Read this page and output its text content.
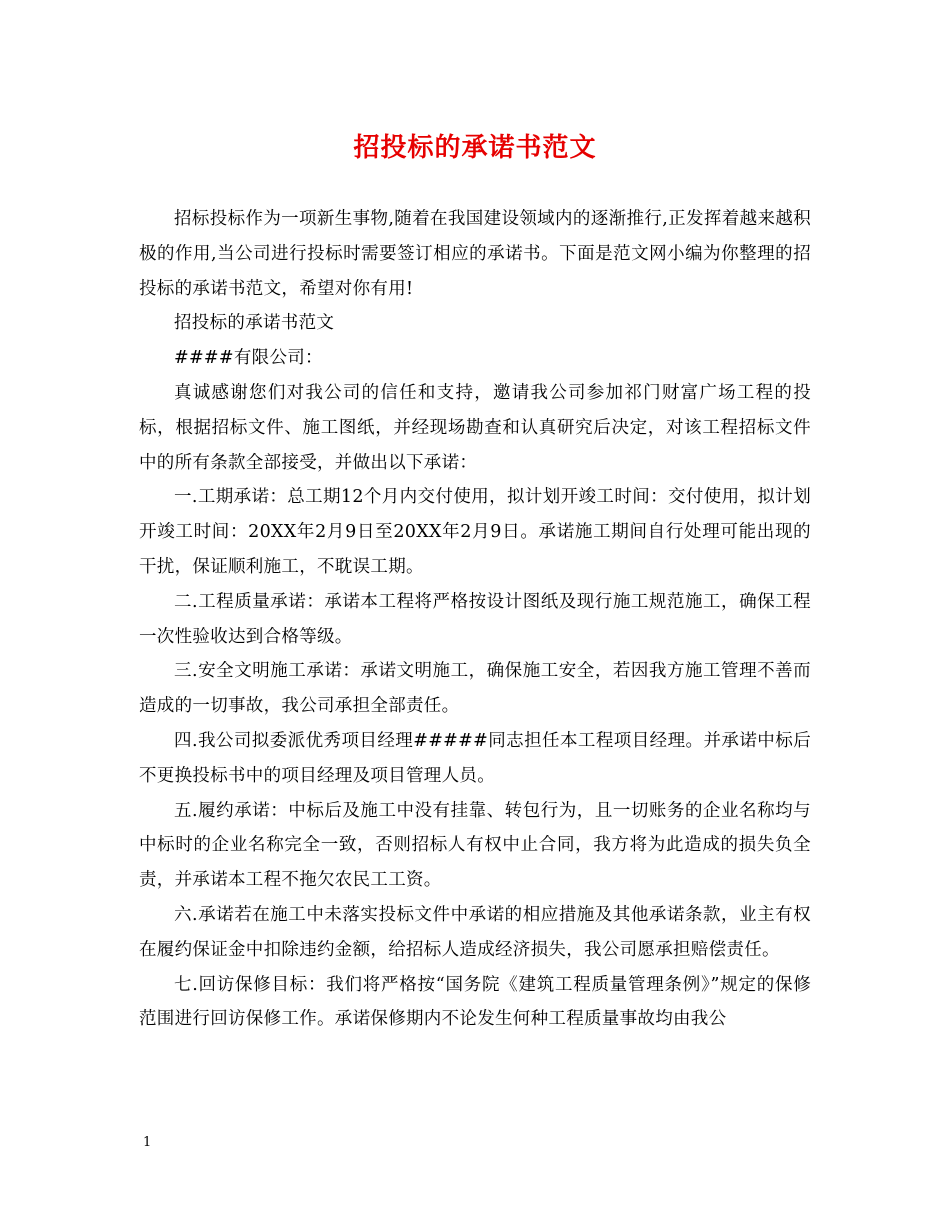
招投标的承诺书范文

招标投标作为一项新生事物,随着在我国建设领域内的逐渐推行,正发挥着越来越积极的作用,当公司进行投标时需要签订相应的承诺书。下面是范文网小编为你整理的招投标的承诺书范文，希望对你有用!

招投标的承诺书范文

####有限公司：

真诚感谢您们对我公司的信任和支持，邀请我公司参加祁门财富广场工程的投标，根据招标文件、施工图纸，并经现场勘查和认真研究后决定，对该工程招标文件中的所有条款全部接受，并做出以下承诺：

一.工期承诺：总工期12个月内交付使用，拟计划开竣工时间：交付使用，拟计划开竣工时间：20XX年2月9日至20XX年2月9日。承诺施工期间自行处理可能出现的干扰，保证顺利施工，不耽误工期。

二.工程质量承诺：承诺本工程将严格按设计图纸及现行施工规范施工，确保工程一次性验收达到合格等级。

三.安全文明施工承诺：承诺文明施工，确保施工安全，若因我方施工管理不善而造成的一切事故，我公司承担全部责任。

四.我公司拟委派优秀项目经理#####同志担任本工程项目经理。并承诺中标后不更换投标书中的项目经理及项目管理人员。

五.履约承诺：中标后及施工中没有挂靠、转包行为，且一切账务的企业名称均与中标时的企业名称完全一致，否则招标人有权中止合同，我方将为此造成的损失负全责，并承诺本工程不拖欠农民工工资。

六.承诺若在施工中未落实投标文件中承诺的相应措施及其他承诺条款，业主有权在履约保证金中扣除违约金额，给招标人造成经济损失，我公司愿承担赔偿责任。

七.回访保修目标：我们将严格按“国务院《建筑工程质量管理条例》”规定的保修范围进行回访保修工作。承诺保修期内不论发生何种工程质量事故均由我公

1
